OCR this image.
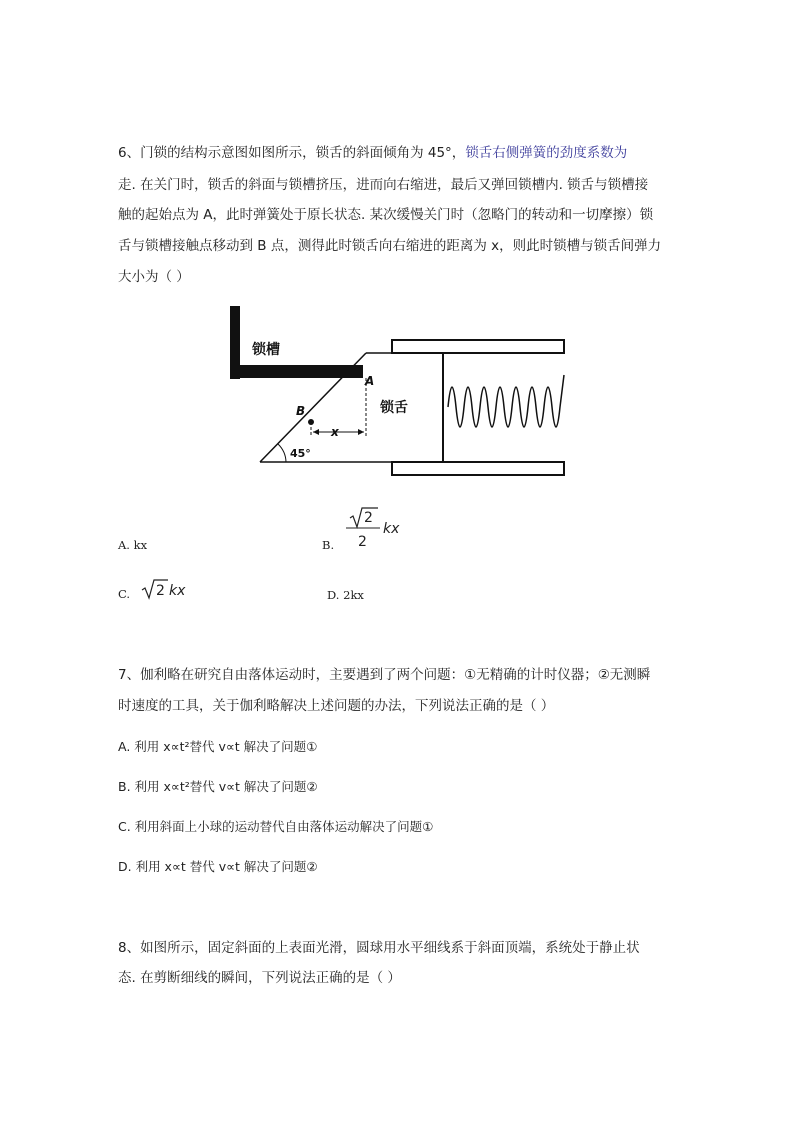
6、门锁的结构示意图如图所示，锁舌的斜面倾角为 45°，锁舌右侧弹簧的劲度系数为
走. 在关门时，锁舌的斜面与锁槽挤压，进而向右缩进，最后又弹回锁槽内. 锁舌与锁槽接
触的起始点为 A，此时弹簧处于原长状态. 某次缓慢关门时（忽略门的转动和一切摩擦）锁
舌与锁槽接触点移动到 B 点，测得此时锁舌向右缩进的距离为 x，则此时锁槽与锁舌间弹力
大小为（ ）
锁槽
锁舌
B
A
x
45°
A. kx	B.
2
2
kx
C. 2 kx	D. 2kx
7、伽利略在研究自由落体运动时，主要遇到了两个问题：①无精确的计时仪器；②无测瞬
时速度的工具，关于伽利略解决上述问题的办法，下列说法正确的是（ ）
A. 利用 x∝t²替代 v∝t 解决了问题①
B. 利用 x∝t²替代 v∝t 解决了问题②
C. 利用斜面上小球的运动替代自由落体运动解决了问题①
D. 利用 x∝t 替代 v∝t 解决了问题②
8、如图所示，固定斜面的上表面光滑，圆球用水平细线系于斜面顶端，系统处于静止状
态. 在剪断细线的瞬间，下列说法正确的是（ ）
